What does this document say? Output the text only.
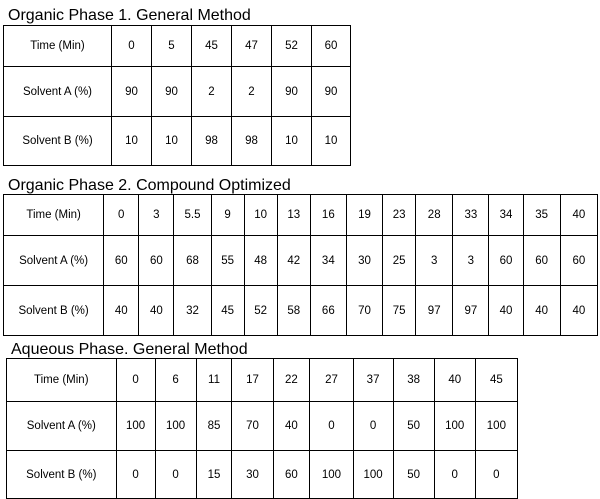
Organic Phase 1. General Method
Time (Min)	0	5	45	47	52	60
Solvent A (%)	90	90	2	2	90	90
Solvent B (%)	10	10	98	98	10	10
Organic Phase 2. Compound Optimized
Time (Min)	0	3	5.5	9	10	13	16	19	23	28	33	34	35	40
Solvent A (%)	60	60	68	55	48	42	34	30	25	3	3	60	60	60
Solvent B (%)	40	40	32	45	52	58	66	70	75	97	97	40	40	40
Aqueous Phase. General Method
Time (Min)	0	6	11	17	22	27	37	38	40	45
Solvent A (%)	100	100	85	70	40	0	0	50	100	100
Solvent B (%)	0	0	15	30	60	100	100	50	0	0
